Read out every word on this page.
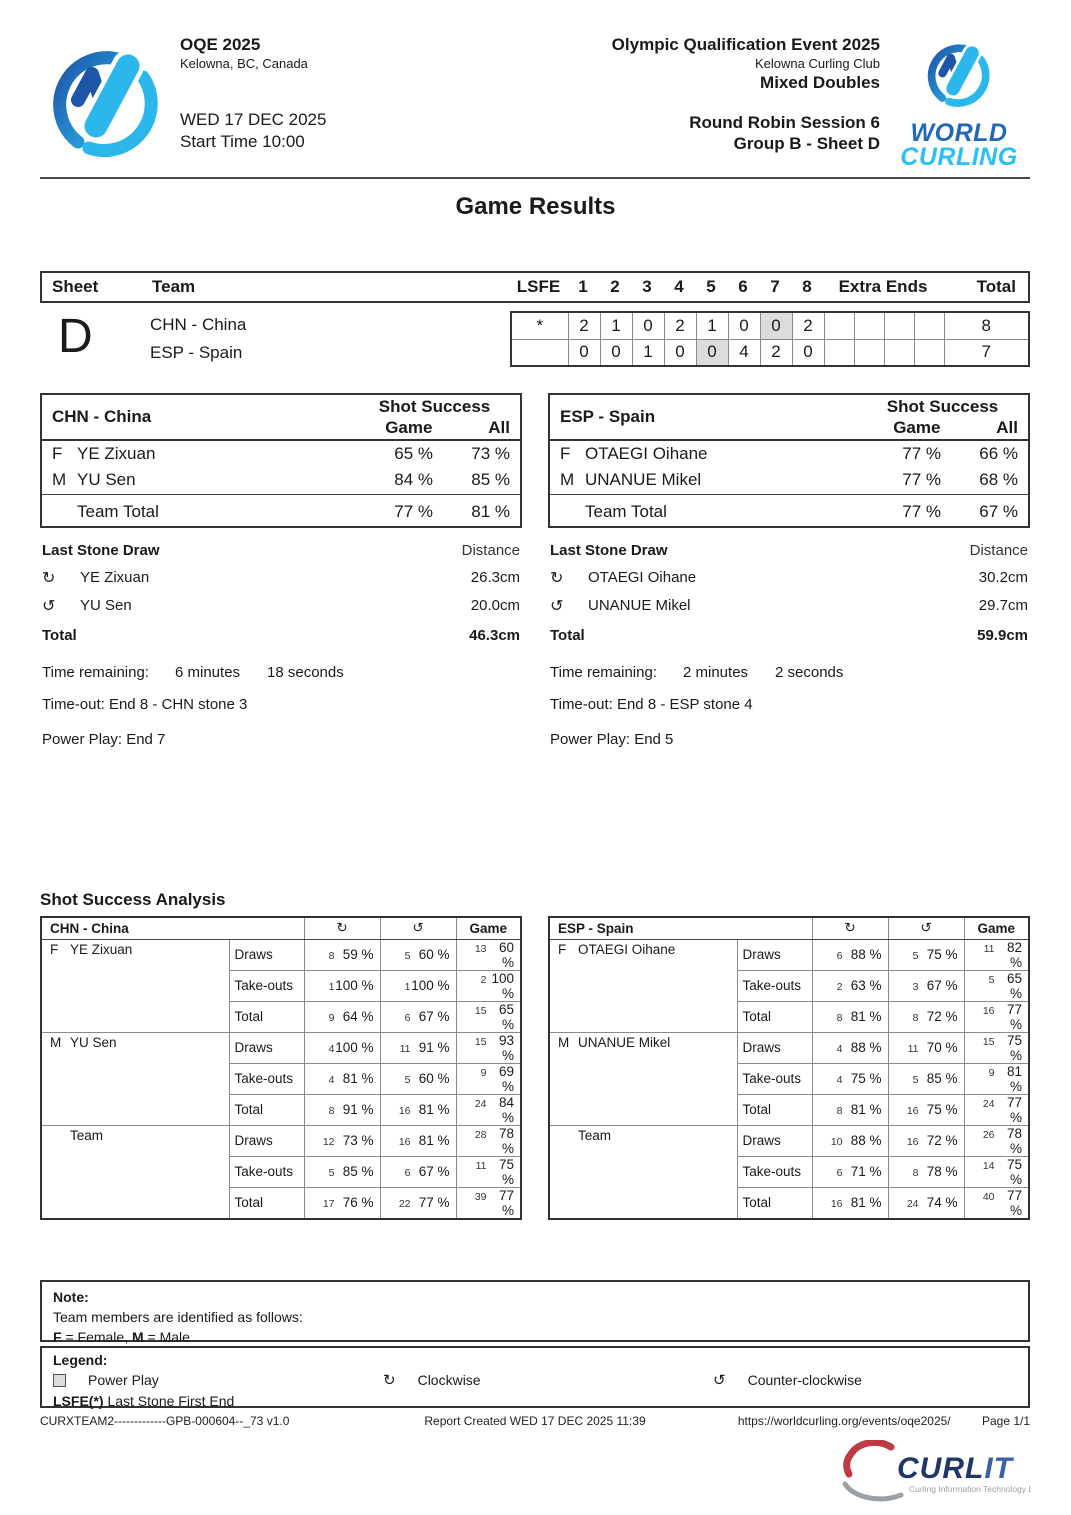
OQE 2025
Kelowna, BC, Canada
WED 17 DEC 2025
Start Time 10:00
Olympic Qualification Event 2025
Kelowna Curling Club
Mixed Doubles
Round Robin Session 6
Group B - Sheet D	WORLD
CURLING
Game Results
Sheet	Team	LSFE	1	2	3	4	5	6	7	8	Extra Ends	Total
D	CHN - China
ESP - Spain
*	2	1	0	2	1	0	0	2					8
	0	0	1	0	0	4	2	0					7
CHN - China		Shot Success
Game All	

F	YE Zixuan	65 %	73 %
M	YU Sen	84 %	85 %
	Team Total	77 %	81 %
Last Stone Draw	Distance
↻	YE Zixuan	26.3cm
↺	YU Sen	20.0cm
Total	46.3cm
Time remaining:	6 minutes	18 seconds
Time-out: End 8 - CHN stone 3
Power Play: End 7
ESP - Spain		Shot Success
Game All	

F	OTAEGI Oihane	77 %	66 %
M	UNANUE Mikel	77 %	68 %
	Team Total	77 %	67 %
Last Stone Draw	Distance
↻	OTAEGI Oihane	30.2cm
↺	UNANUE Mikel	29.7cm
Total	59.9cm
Time remaining:	2 minutes	2 seconds
Time-out: End 8 - ESP stone 4
Power Play: End 5
Shot Success Analysis
CHN - China		↻	↺	Game
F YE Zixuan	Draws	8 59 %	5 60 %	13 60 %

	Take-outs	1 100 %	1 100 %	2 100 %

	Total	9 64 %	6 67 %	15 65 %

M YU Sen	Draws	4 100 %	11 91 %	15 93 %

	Take-outs	4 81 %	5 60 %	9 69 %

	Total	8 91 %	16 81 %	24 84 %

Team	Draws	12 73 %	16 81 %	28 78 %

	Take-outs	5 85 %	6 67 %	11 75 %

	Total	17 76 %	22 77 %	39 77 %
ESP - Spain		↻	↺	Game
F OTAEGI Oihane	Draws	6 88 %	5 75 %	11 82 %

	Take-outs	2 63 %	3 67 %	5 65 %

	Total	8 81 %	8 72 %	16 77 %

M UNANUE Mikel	Draws	4 88 %	11 70 %	15 75 %

	Take-outs	4 75 %	5 85 %	9 81 %

	Total	8 81 %	16 75 %	24 77 %

Team	Draws	10 88 %	16 72 %	26 78 %

	Take-outs	6 71 %	8 78 %	14 75 %

	Total	16 81 %	24 74 %	40 77 %
Note:
Team members are identified as follows:
F = Female, M = Male
Legend:
Power Play	↻ Clockwise	↺ Counter-clockwise
LSFE(*) Last Stone First End
CURXTEAM2-------------GPB-000604--_73 v1.0	Report Created WED 17 DEC 2025 11:39	https://worldcurling.org/events/oqe2025/	Page 1/1
CURLIT
Curling Information Technology Ltd.
